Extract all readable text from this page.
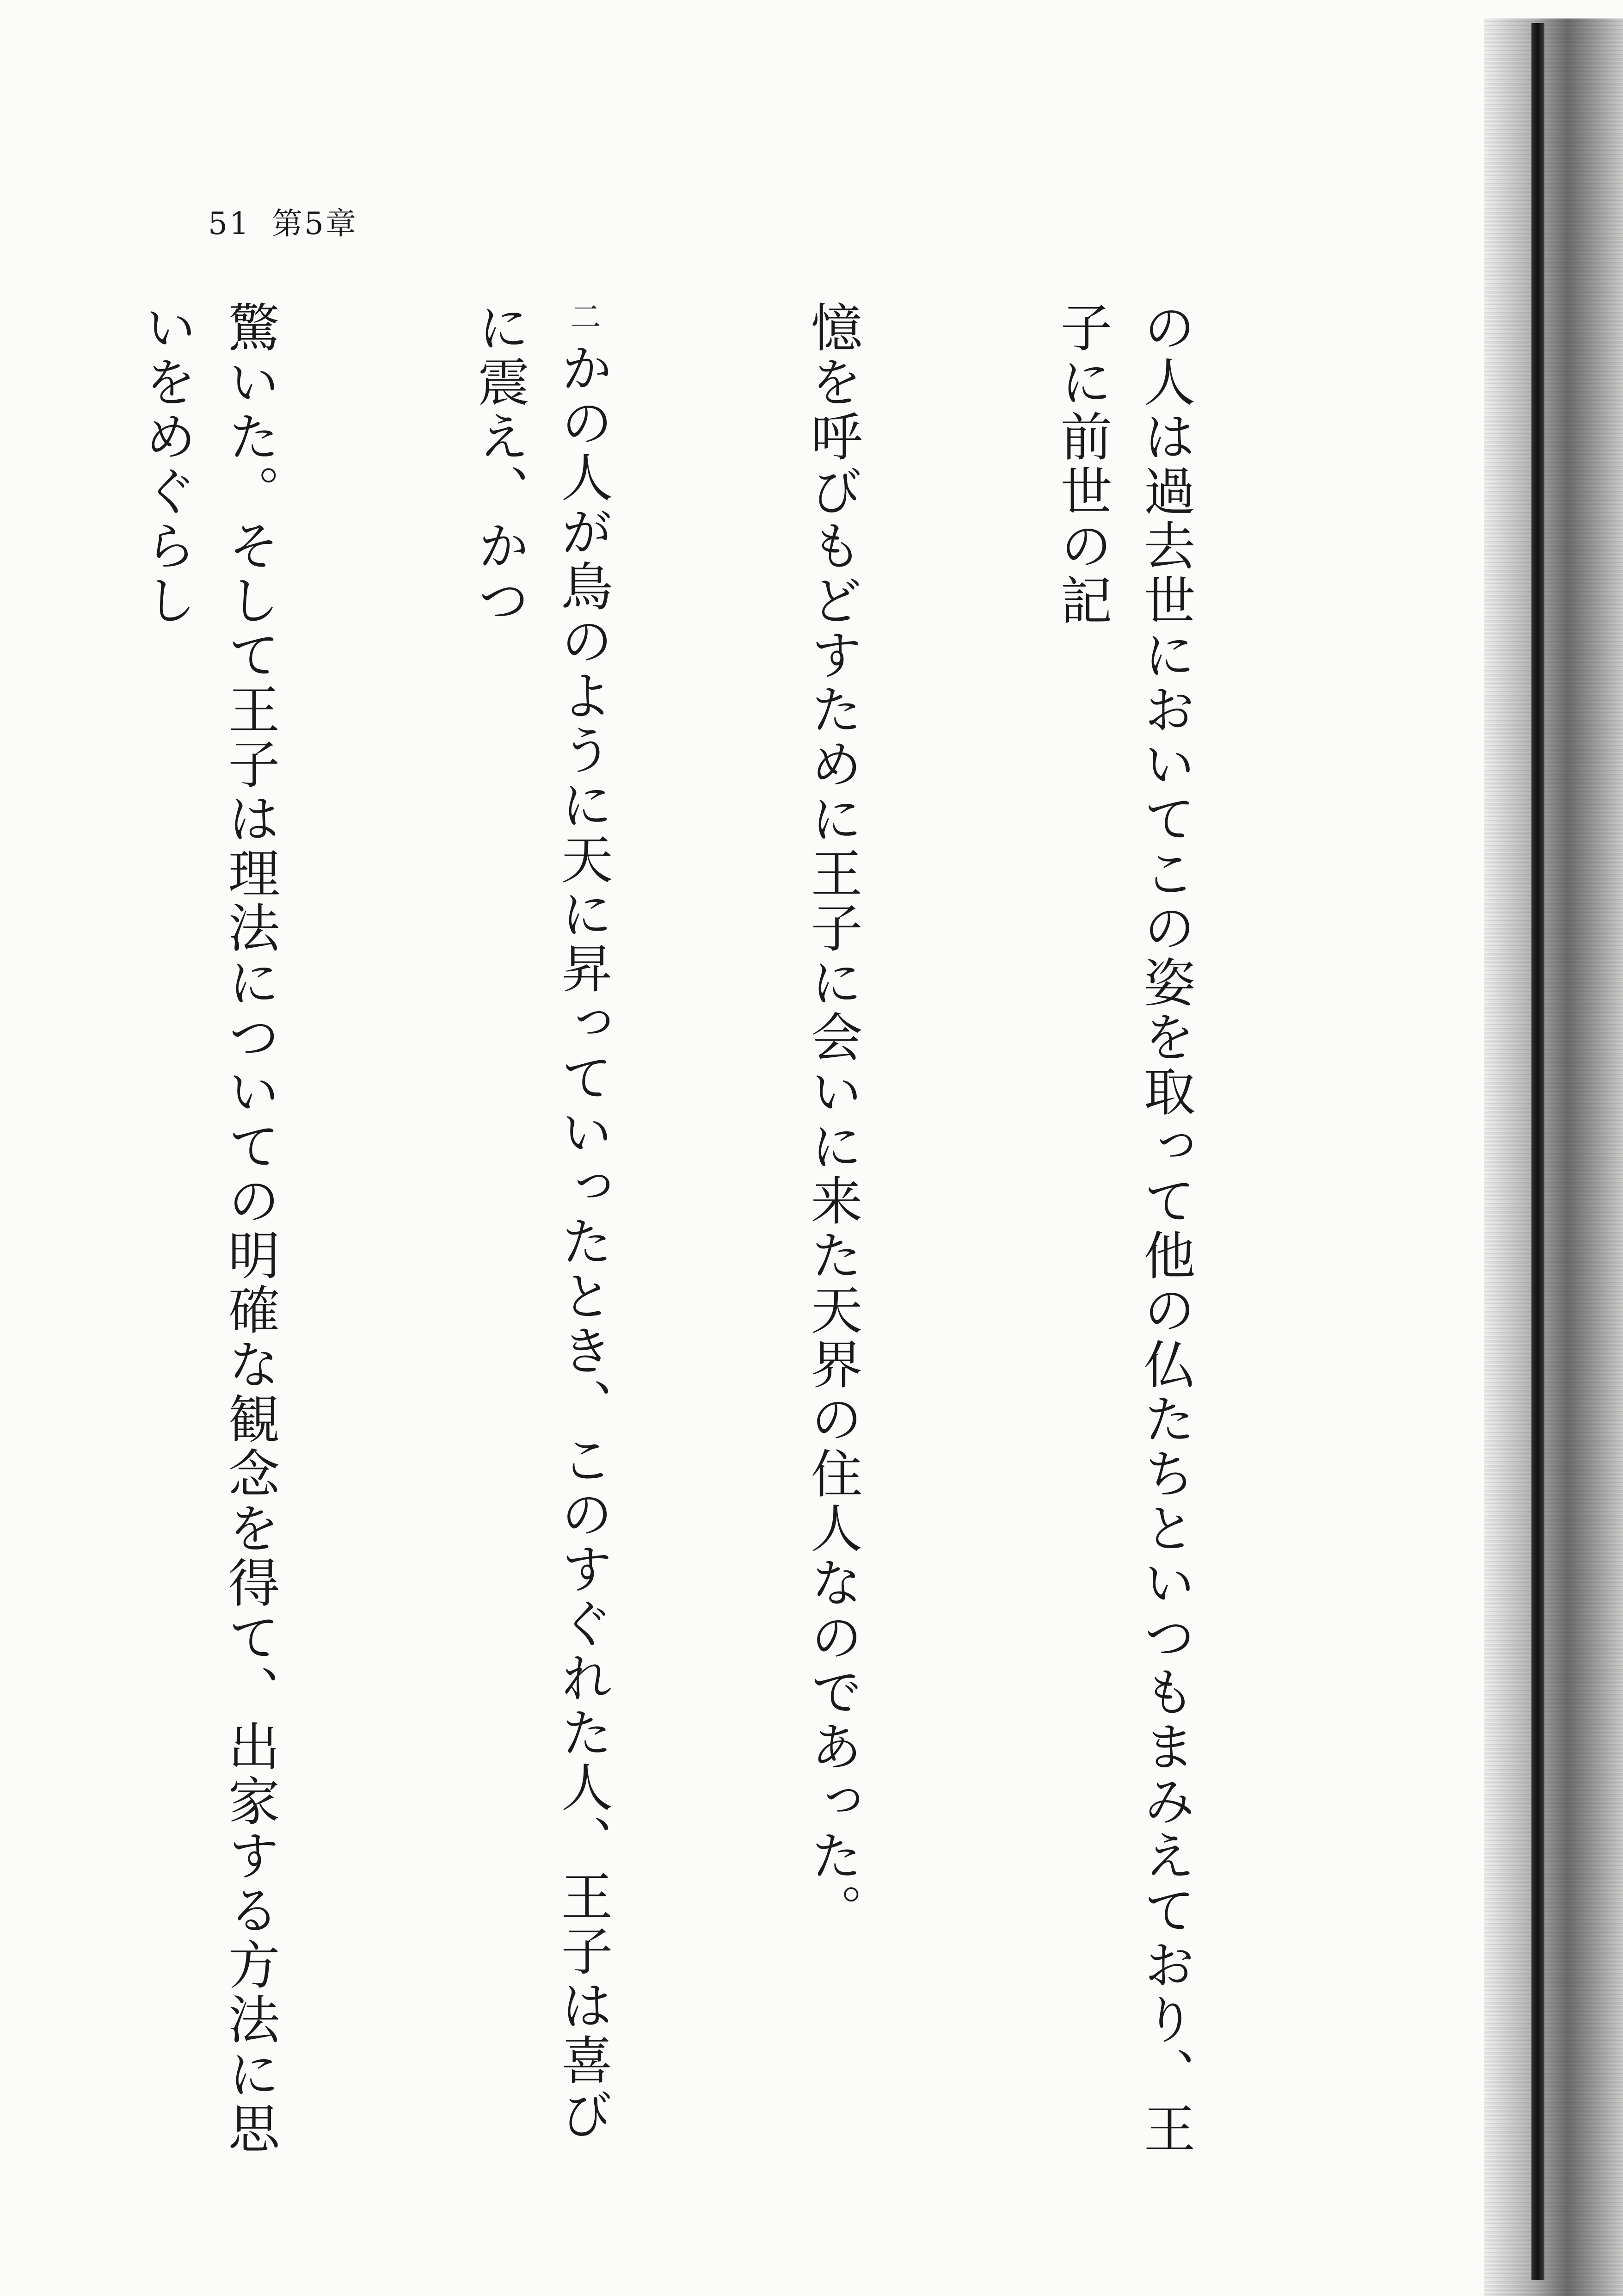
51 第5章

の人は過去世においてこの姿を取って他の仏たちといつもまみえており、王子に前世の記

憶を呼びもどすために王子に会いに来た天界の住人なのであった。

二かの人が鳥のように天に昇っていったとき、このすぐれた人、王子は喜びに震え、かつ

驚いた。そして王子は理法についての明確な観念を得て、出家する方法に思いをめぐらし
